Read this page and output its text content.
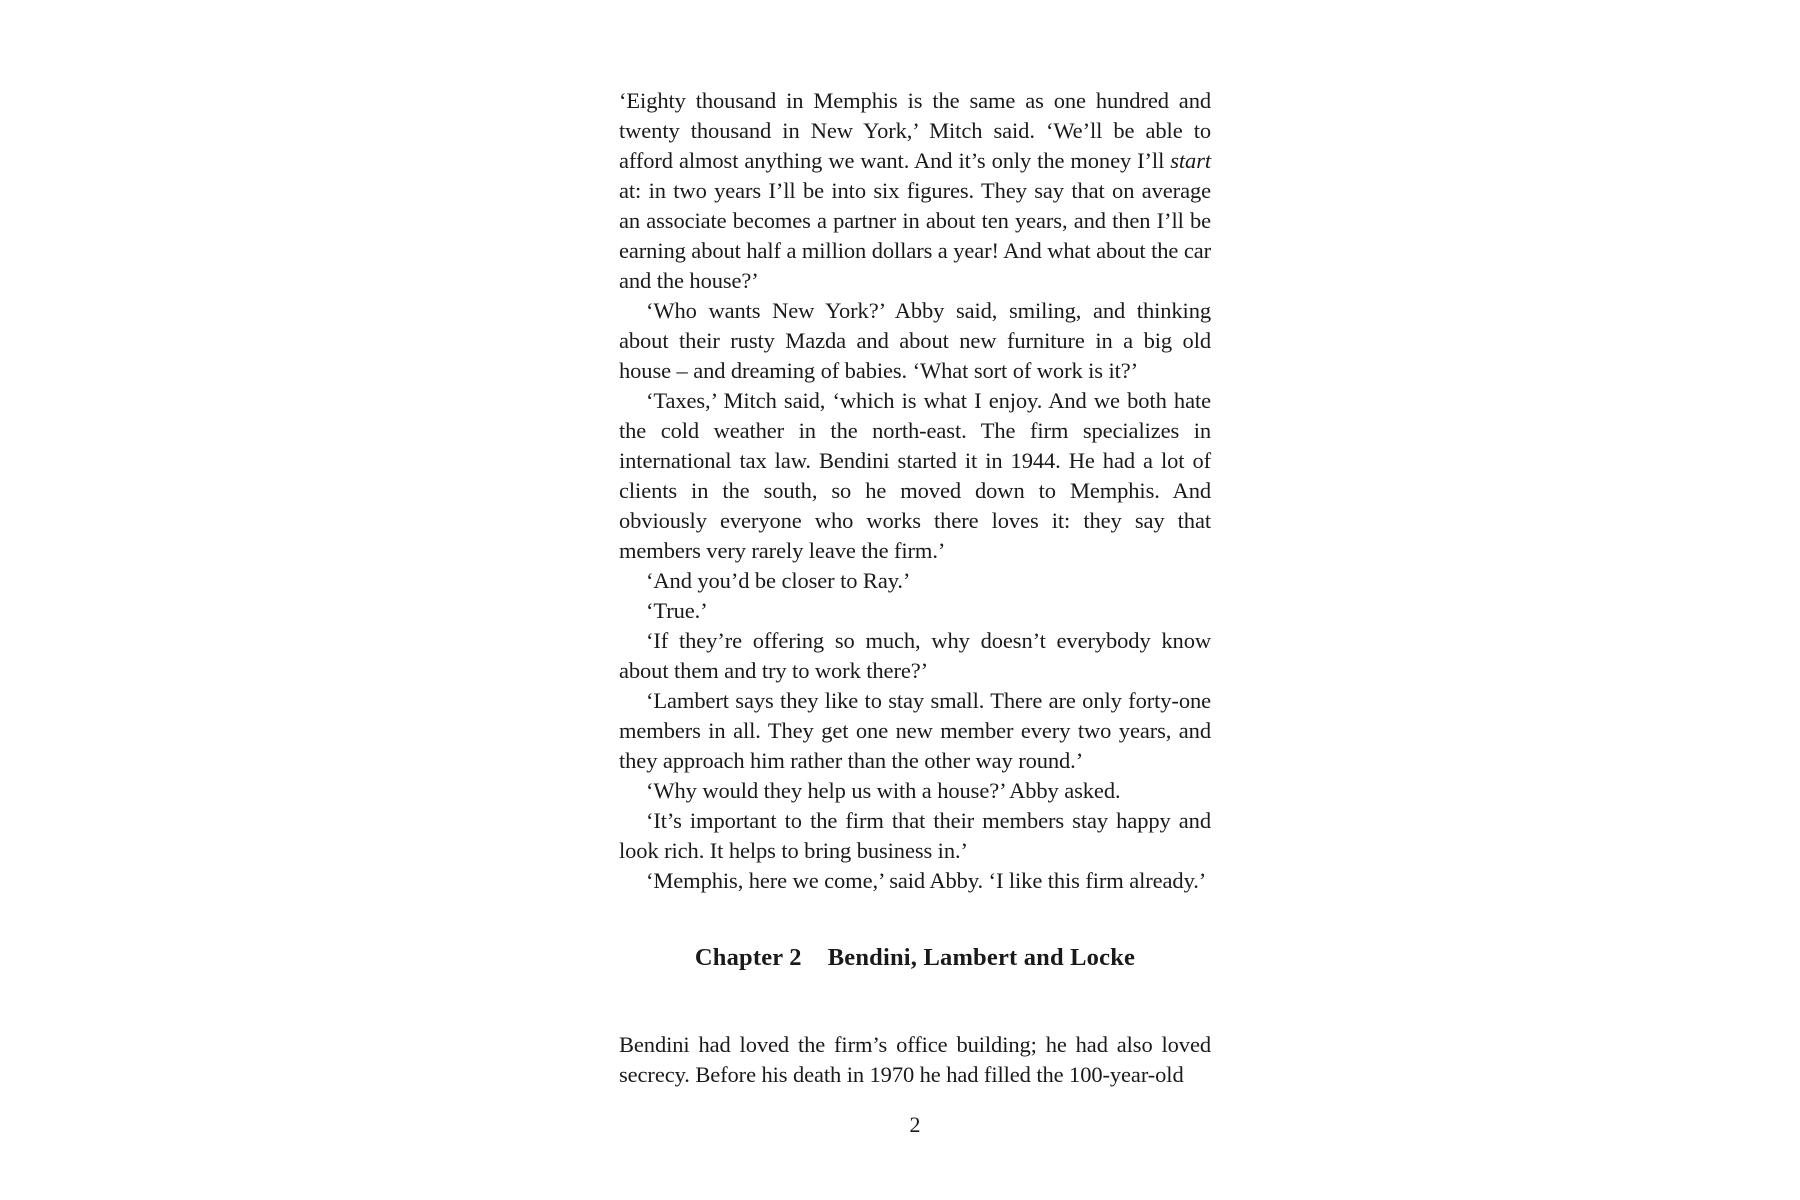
‘Eighty thousand in Memphis is the same as one hundred and twenty thousand in New York,’ Mitch said. ‘We’ll be able to afford almost anything we want. And it’s only the money I’ll start at: in two years I’ll be into six figures. They say that on average an associate becomes a partner in about ten years, and then I’ll be earning about half a million dollars a year! And what about the car and the house?’

‘Who wants New York?’ Abby said, smiling, and thinking about their rusty Mazda and about new furniture in a big old house – and dreaming of babies. ‘What sort of work is it?’

‘Taxes,’ Mitch said, ‘which is what I enjoy. And we both hate the cold weather in the north-east. The firm specializes in international tax law. Bendini started it in 1944. He had a lot of clients in the south, so he moved down to Memphis. And obviously everyone who works there loves it: they say that members very rarely leave the firm.’

‘And you’d be closer to Ray.’

‘True.’

‘If they’re offering so much, why doesn’t everybody know about them and try to work there?’

‘Lambert says they like to stay small. There are only forty-one members in all. They get one new member every two years, and they approach him rather than the other way round.’

‘Why would they help us with a house?’ Abby asked.

‘It’s important to the firm that their members stay happy and look rich. It helps to bring business in.’

‘Memphis, here we come,’ said Abby. ‘I like this firm already.’

Chapter 2 Bendini, Lambert and Locke

Bendini had loved the firm’s office building; he had also loved secrecy. Before his death in 1970 he had filled the 100-year-old

2
